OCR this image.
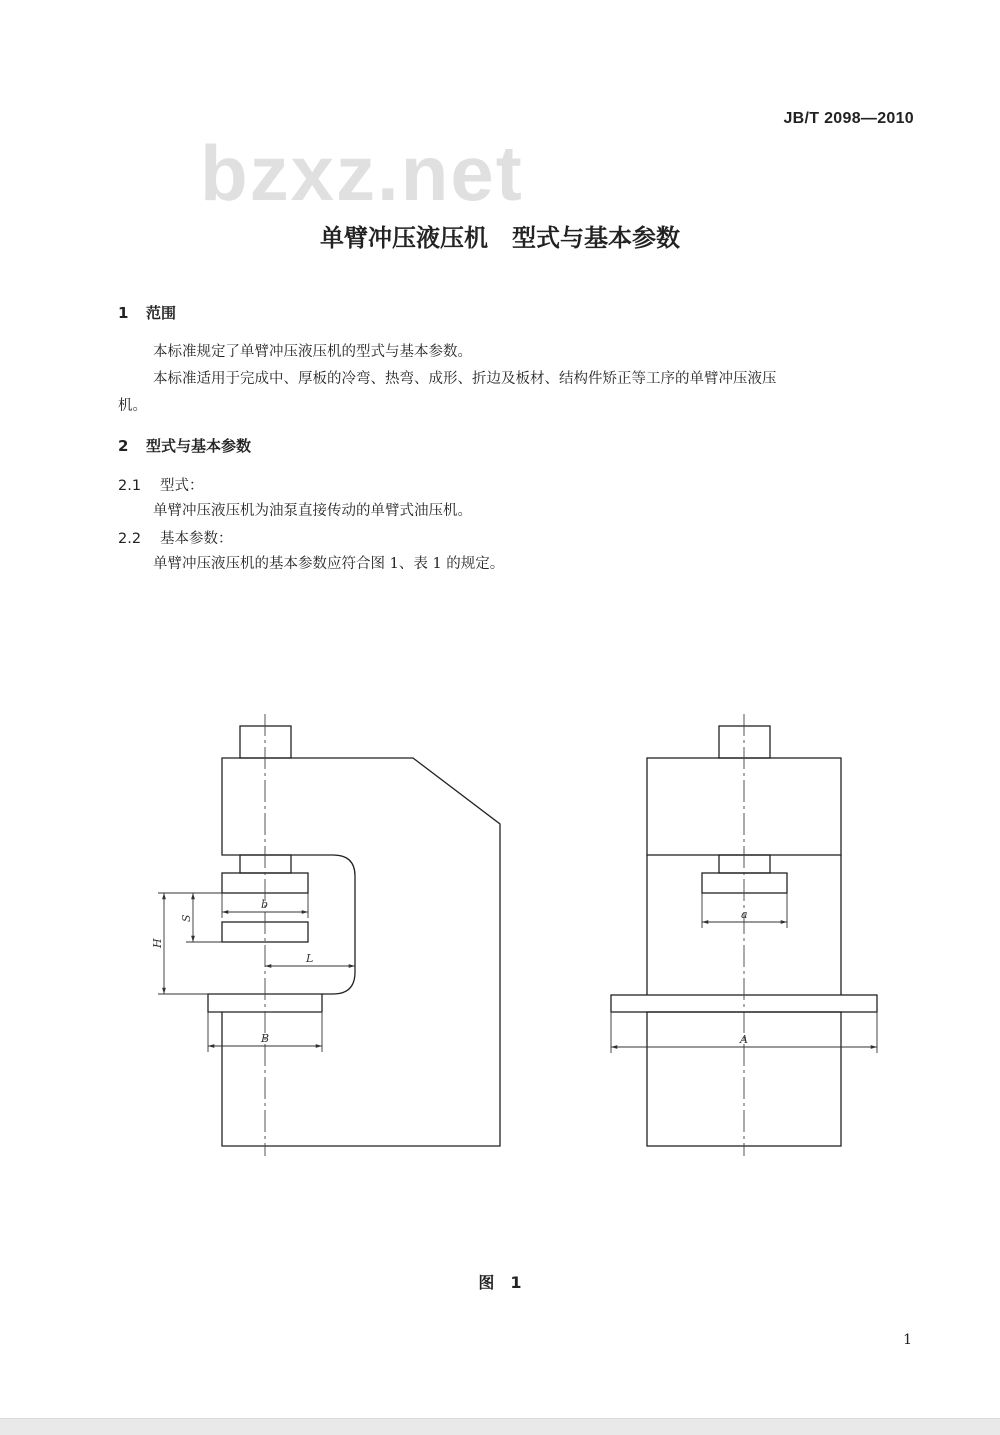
JB/T 2098—2010
bzxz.net
单臂冲压液压机　型式与基本参数
1 范围
本标准规定了单臂冲压液压机的型式与基本参数。
本标准适用于完成中、厚板的冷弯、热弯、成形、折边及板材、结构件矫正等工序的单臂冲压液压
机。
2 型式与基本参数
2.1 型式：
单臂冲压液压机为油泵直接传动的单臂式油压机。
2.2 基本参数：
单臂冲压液压机的基本参数应符合图 1、表 1 的规定。
b
S
H
L
B
a
A
图　1
1
